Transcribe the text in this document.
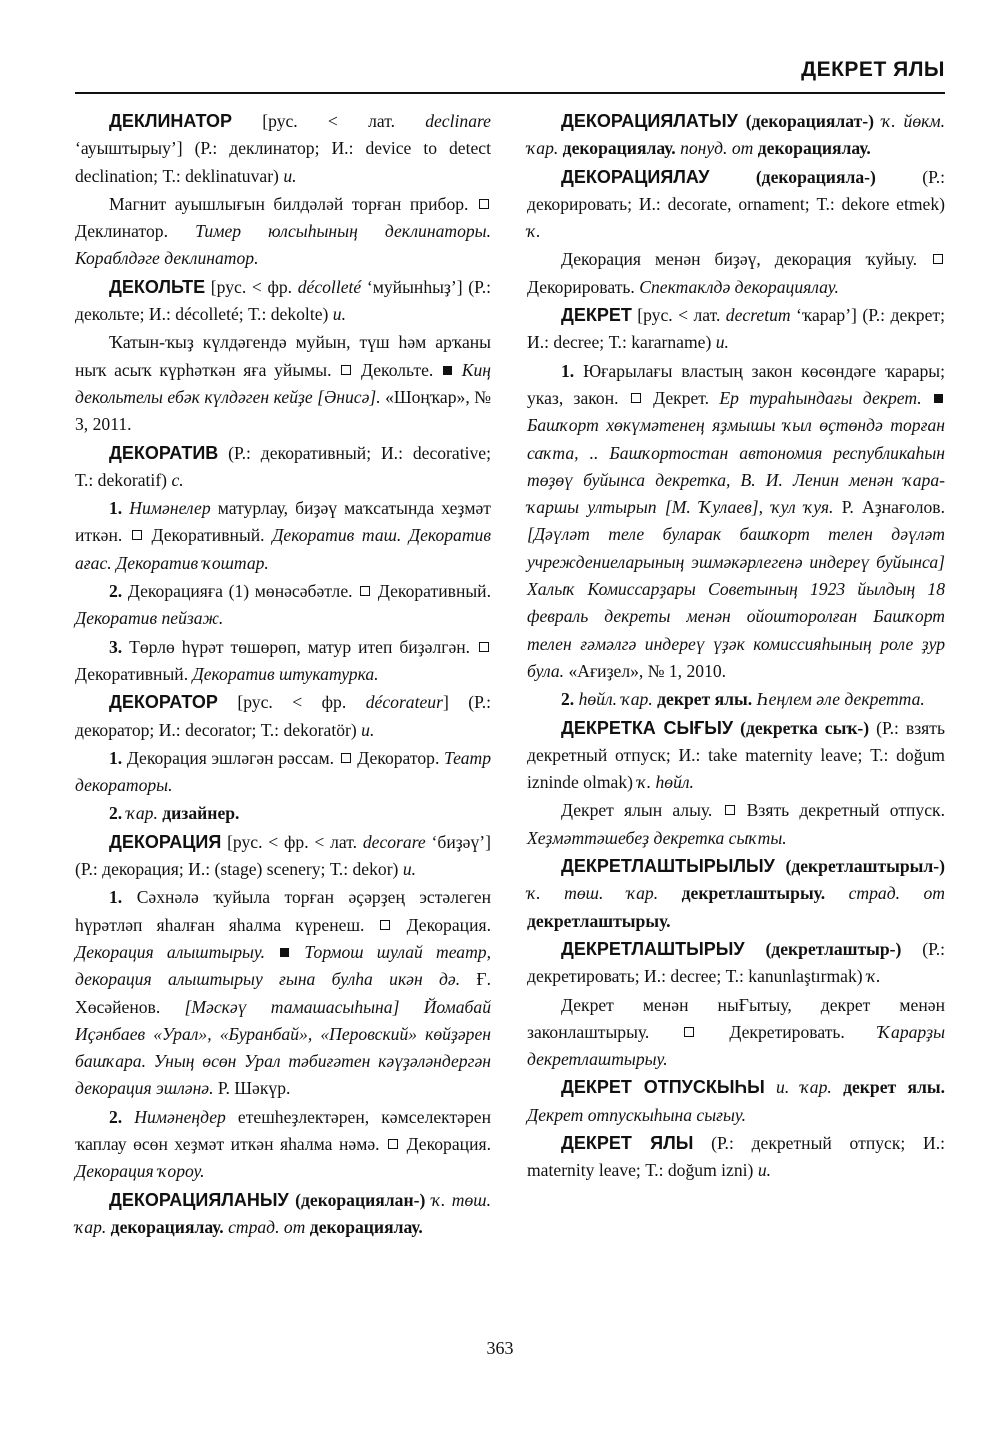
ДЕКРЕТ ЯЛЫ

ДЕКЛИНАТОР [рус. < лат. declinare ‘ауыштырыу’] (Р.: деклинатор; И.: device to detect declination; Т.: deklinatuvar) и.

Магнит ауышлығын билдәләй торған прибор.  Деклинатор. Тимер юлсыһының деклинаторы. Кораблдәге деклинатор.

ДЕКОЛЬТЕ [рус. < фр. décolleté ‘муйынһыҙ’] (Р.: декольте; И.: décolleté; Т.: dekolte) и.

Ҡатын-ҡыҙ күлдәгендә муйын, түш һәм арҡаны ныҡ асыҡ күрһәткән яға уйымы.  Декольте.  Киң декольтелы ебәк күлдәген кейҙе [Әнисә]. «Шоңҡар», № 3, 2011.

ДЕКОРАТИВ (Р.: декоративный; И.: decorative; Т.: dekoratif) с.

1. Нимәнелер матурлау, биҙәү маҡсатында хеҙмәт иткән.  Декоративный. Декоратив таш. Декоратив ағас. Декоратив ҡоштар.

2. Декорацияға (1) мөнәсәбәтле.  Декоративный. Декоратив пейзаж.

3. Төрлө һүрәт төшөрөп, матур итеп биҙәлгән.  Декоративный. Декоратив штукатурка.

ДЕКОРАТОР [рус. < фр. décorateur] (Р.: декоратор; И.: decorator; Т.: dekoratör) и.

1. Декорация эшләгән рәссам.  Декоратор. Театр декораторы.

2. ҡар. дизайнер.

ДЕКОРАЦИЯ [рус. < фр. < лат. decorare ‘биҙәү’] (Р.: декорация; И.: (stage) scenery; Т.: dekor) и.

1. Сәхнәлә ҡуйыла торған әҫәрҙең эстәлеген һүрәтләп яһалған яһалма күренеш.  Декорация. Декорация алыштырыу.  Тормош шулай театр, декорация алыштырыу ғына булһа икән дә. Ғ. Хөсәйенов. [Мәскәү тамашасыһына] Йомабай Иҫәнбаев «Урал», «Буранбай», «Перовский» көйҙәрен башҡара. Уның өсөн Урал тәбиғәтен кәүҙәләндергән декорация эшләнә. Р. Шәкүр.

2. Нимәнеңдер етешһеҙлектәрен, кәмселектәрен ҡаплау өсөн хеҙмәт иткән яһалма нәмә.  Декорация. Декорация ҡороу.

ДЕКОРАЦИЯЛАНЫУ (декорациялан-) ҡ. төш. ҡар. декорациялау. страд. от декорациялау.

ДЕКОРАЦИЯЛАТЫУ (декорациялат-) ҡ. йөкм. ҡар. декорациялау. понуд. от декорациялау.

ДЕКОРАЦИЯЛАУ (декорацияла-) (Р.: декорировать; И.: decorate, ornament; Т.: dekore etmek) ҡ.

Декорация менән биҙәү, декорация ҡуйыу.  Декорировать. Спектаклдә декорациялау.

ДЕКРЕТ [рус. < лат. decretum ‘ҡарар’] (Р.: декрет; И.: decree; Т.: kararname) и.

1. Юғарылағы властың закон көсөндәге ҡарары; указ, закон.  Декрет. Ер тураһындағы декрет.  Башҡорт хөкүмәтенең яҙмышы ҡыл өҫтөндә торған саҡта, .. Башҡортостан автономия республикаһын төҙөү буйынса декретка, В. И. Ленин менән ҡара-ҡаршы ултырып [М. Ҡулаев], ҡул ҡуя. Р. Аҙнағолов. [Дәүләт теле буларак башҡорт телен дәүләт учреждениеларының эшмәкәрлегенә индереү буйынса] Халыҡ Комиссарҙары Советының 1923 йылдың 18 февраль декреты менән ойошторолған Башҡорт телен ғәмәлгә индереү үҙәк комиссияһының роле ҙур була. «Ағиҙел», № 1, 2010.

2. һөйл. ҡар. декрет ялы. Һеңлем әле декретта.

ДЕКРЕТКА СЫҒЫУ (декретка сыҡ-) (Р.: взять декретный отпуск; И.: take maternity leave; Т.: doğum izninde olmak) ҡ. һөйл.

Декрет ялын алыу.  Взять декретный отпуск. Хеҙмәттәшебеҙ декретка сыҡты.

ДЕКРЕТЛАШТЫРЫЛЫУ (декретлаштырыл-) ҡ. төш. ҡар. декретлаштырыу. страд. от декретлаштырыу.

ДЕКРЕТЛАШТЫРЫУ (декретлаштыр-) (Р.: декретировать; И.: decree; Т.: kanunlaştırmak) ҡ.

Декрет менән ныҒытыу, декрет менән законлаштырыу.  Декретировать. Ҡарарҙы декретлаштырыу.

ДЕКРЕТ ОТПУСКЫҺЫ и. ҡар. декрет ялы. Декрет отпускыһына сығыу.

ДЕКРЕТ ЯЛЫ (Р.: декретный отпуск; И.: maternity leave; Т.: doğum izni) и.

363
